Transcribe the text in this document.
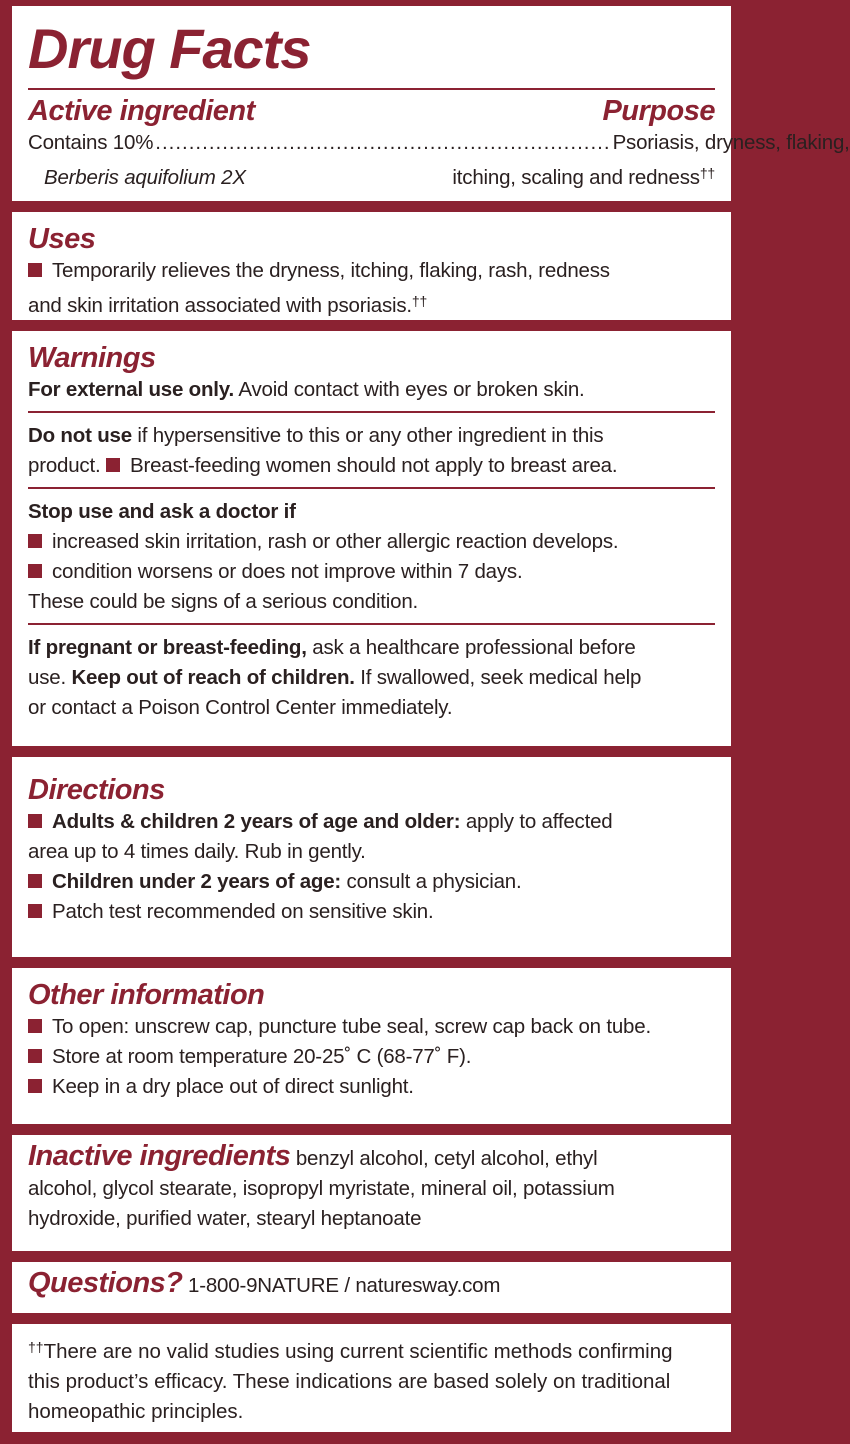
Drug Facts
Active ingredient	Purpose
Contains 10% .................................................................... Psoriasis, dryness, flaking,
Berberis aquifolium 2X	itching, scaling and redness††
Uses
Temporarily relieves the dryness, itching, flaking, rash, redness
and skin irritation associated with psoriasis.††
Warnings
For external use only. Avoid contact with eyes or broken skin.
Do not use if hypersensitive to this or any other ingredient in this
product. Breast-feeding women should not apply to breast area.
Stop use and ask a doctor if
increased skin irritation, rash or other allergic reaction develops.
condition worsens or does not improve within 7 days.
These could be signs of a serious condition.
If pregnant or breast-feeding, ask a healthcare professional before
use. Keep out of reach of children. If swallowed, seek medical help
or contact a Poison Control Center immediately.
Directions
Adults & children 2 years of age and older: apply to affected
area up to 4 times daily. Rub in gently.
Children under 2 years of age: consult a physician.
Patch test recommended on sensitive skin.
Other information
To open: unscrew cap, puncture tube seal, screw cap back on tube.
Store at room temperature 20-25˚ C (68-77˚ F).
Keep in a dry place out of direct sunlight.
Inactive ingredients benzyl alcohol, cetyl alcohol, ethyl
alcohol, glycol stearate, isopropyl myristate, mineral oil, potassium
hydroxide, purified water, stearyl heptanoate
Questions? 1-800-9NATURE / naturesway.com
††There are no valid studies using current scientific methods confirming
this product’s efficacy. These indications are based solely on traditional
homeopathic principles.
